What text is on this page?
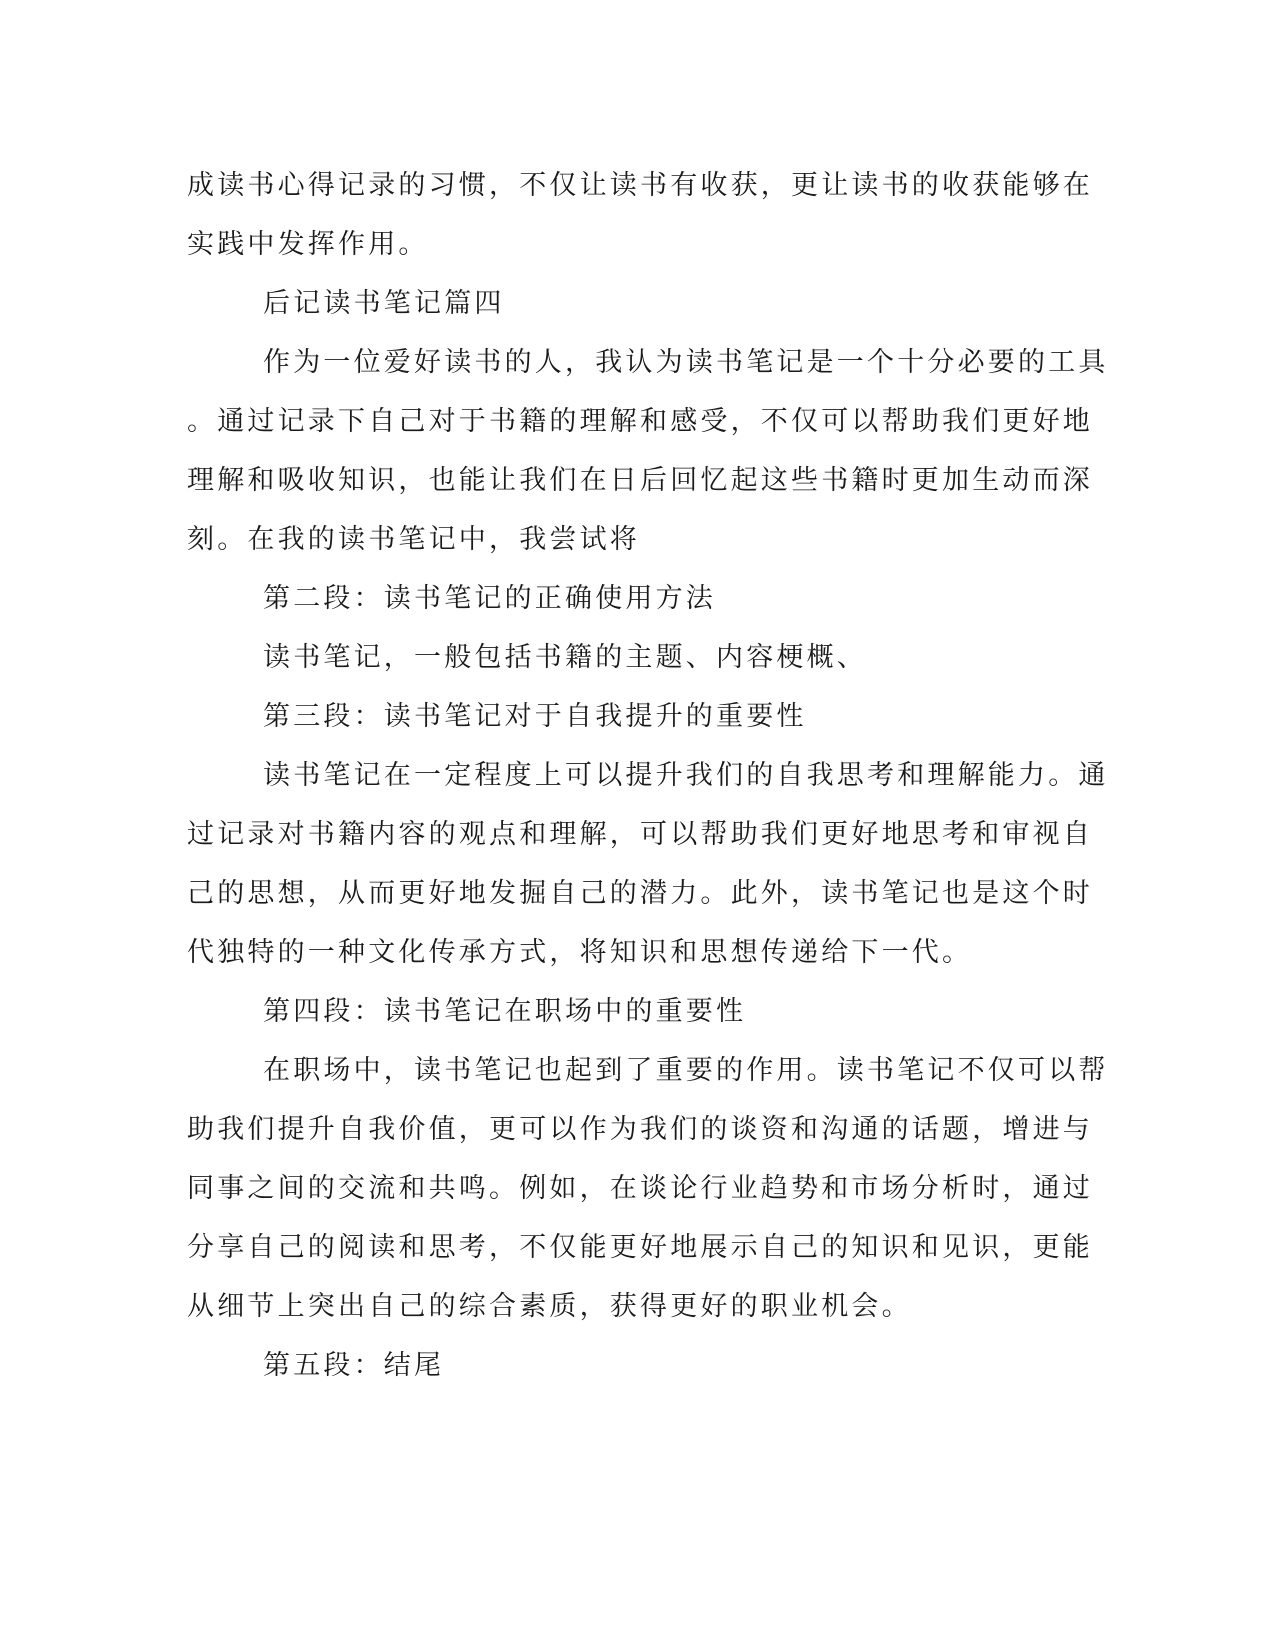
成读书心得记录的习惯，不仅让读书有收获，更让读书的收获能够在
实践中发挥作用。
后记读书笔记篇四
作为一位爱好读书的人，我认为读书笔记是一个十分必要的工具
。通过记录下自己对于书籍的理解和感受，不仅可以帮助我们更好地
理解和吸收知识，也能让我们在日后回忆起这些书籍时更加生动而深
刻。在我的读书笔记中，我尝试将
第二段：读书笔记的正确使用方法
读书笔记，一般包括书籍的主题、内容梗概、
第三段：读书笔记对于自我提升的重要性
读书笔记在一定程度上可以提升我们的自我思考和理解能力。通
过记录对书籍内容的观点和理解，可以帮助我们更好地思考和审视自
己的思想，从而更好地发掘自己的潜力。此外，读书笔记也是这个时
代独特的一种文化传承方式，将知识和思想传递给下一代。
第四段：读书笔记在职场中的重要性
在职场中，读书笔记也起到了重要的作用。读书笔记不仅可以帮
助我们提升自我价值，更可以作为我们的谈资和沟通的话题，增进与
同事之间的交流和共鸣。例如，在谈论行业趋势和市场分析时，通过
分享自己的阅读和思考，不仅能更好地展示自己的知识和见识，更能
从细节上突出自己的综合素质，获得更好的职业机会。
第五段：结尾
